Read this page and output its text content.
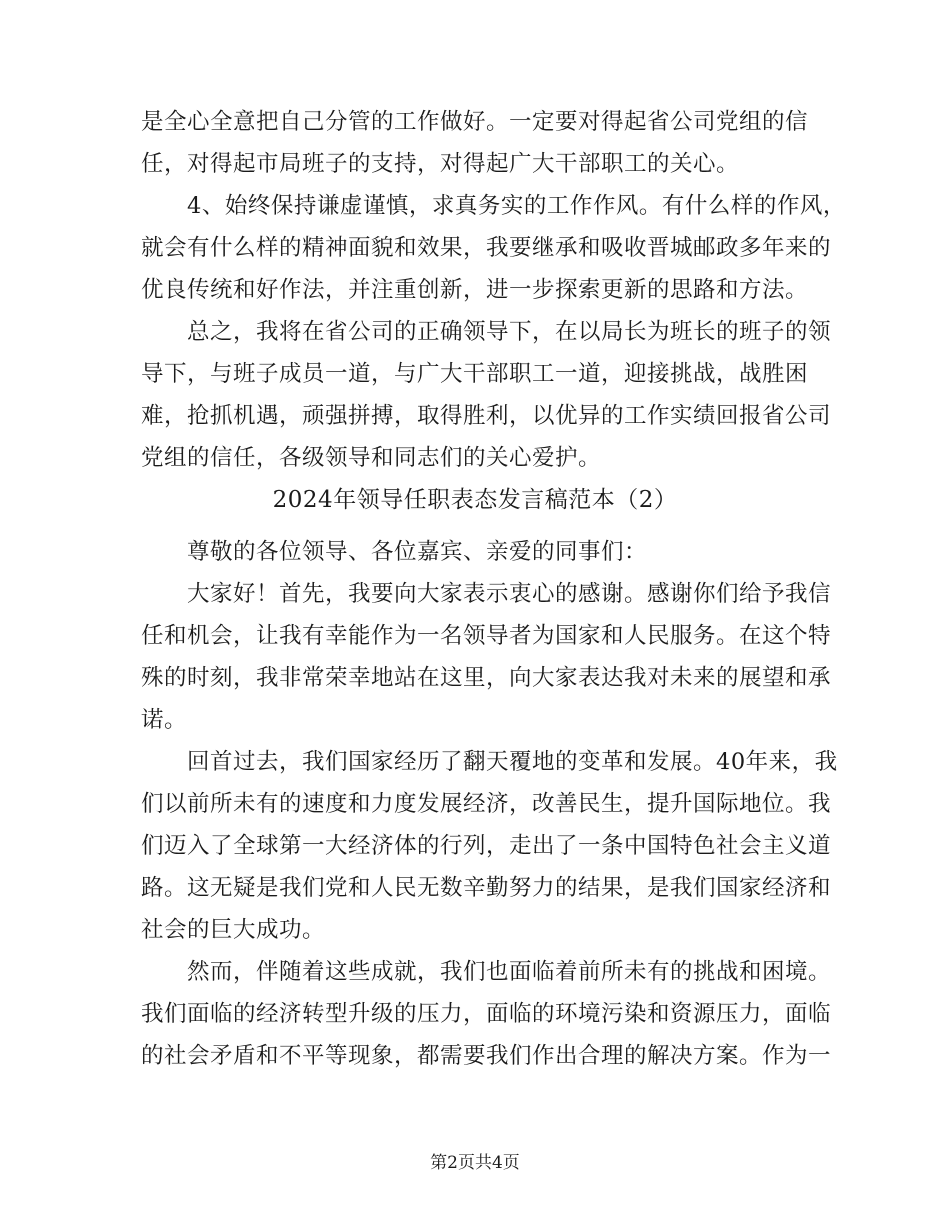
是全心全意把自己分管的工作做好。一定要对得起省公司党组的信
任，对得起市局班子的支持，对得起广大干部职工的关心。
4、始终保持谦虚谨慎，求真务实的工作作风。有什么样的作风，
就会有什么样的精神面貌和效果，我要继承和吸收晋城邮政多年来的
优良传统和好作法，并注重创新，进一步探索更新的思路和方法。
总之，我将在省公司的正确领导下，在以局长为班长的班子的领
导下，与班子成员一道，与广大干部职工一道，迎接挑战，战胜困
难，抢抓机遇，顽强拼搏，取得胜利，以优异的工作实绩回报省公司
党组的信任，各级领导和同志们的关心爱护。
2024年领导任职表态发言稿范本（2）
尊敬的各位领导、各位嘉宾、亲爱的同事们：
大家好！首先，我要向大家表示衷心的感谢。感谢你们给予我信
任和机会，让我有幸能作为一名领导者为国家和人民服务。在这个特
殊的时刻，我非常荣幸地站在这里，向大家表达我对未来的展望和承
诺。
回首过去，我们国家经历了翻天覆地的变革和发展。40年来，我
们以前所未有的速度和力度发展经济，改善民生，提升国际地位。我
们迈入了全球第一大经济体的行列，走出了一条中国特色社会主义道
路。这无疑是我们党和人民无数辛勤努力的结果，是我们国家经济和
社会的巨大成功。
然而，伴随着这些成就，我们也面临着前所未有的挑战和困境。
我们面临的经济转型升级的压力，面临的环境污染和资源压力，面临
的社会矛盾和不平等现象，都需要我们作出合理的解决方案。作为一
第2页共4页
